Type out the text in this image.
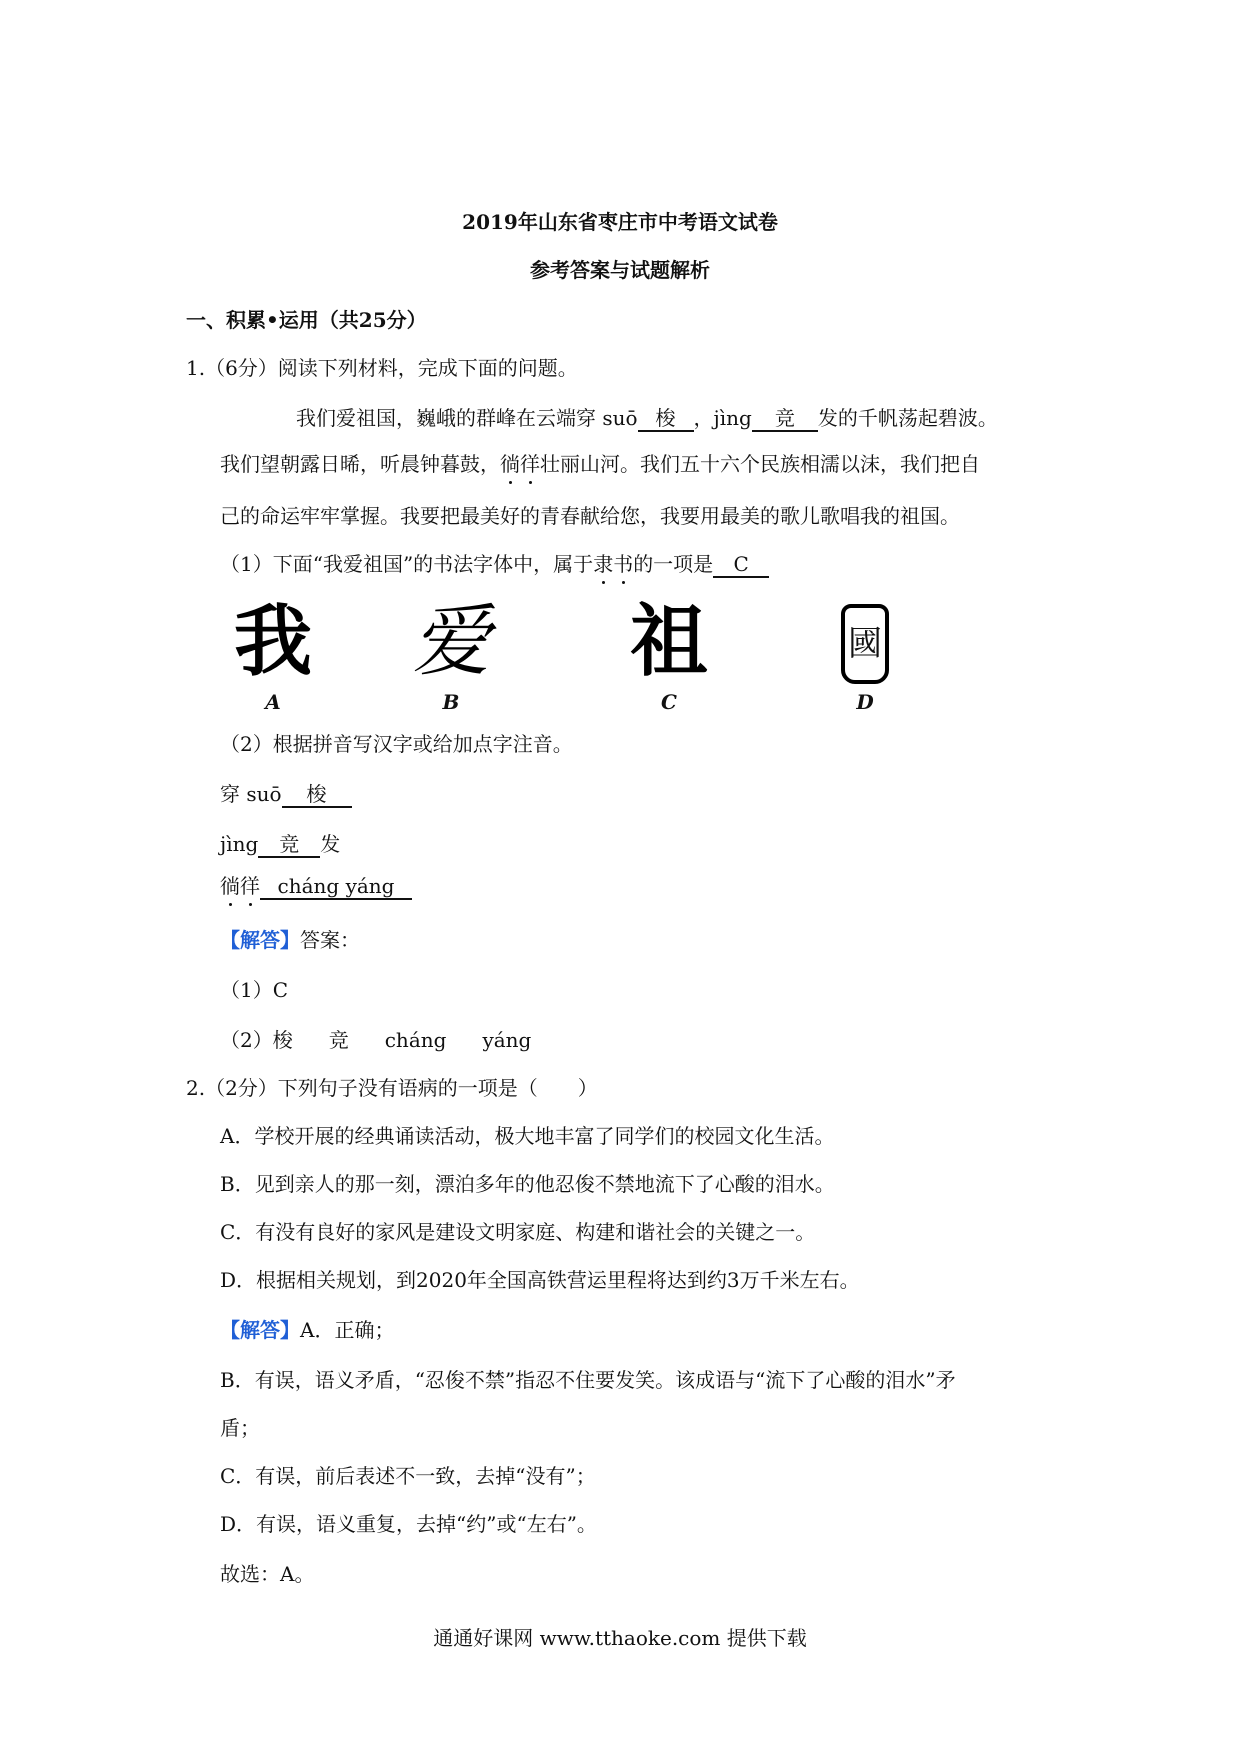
2019年山东省枣庄市中考语文试卷
参考答案与试题解析
一、积累•运用（共25分）
1.（6分）阅读下列材料，完成下面的问题。
我们爱祖国，巍峨的群峰在云端穿 suō 梭 ，jìng 竞 发的千帆荡起碧波。
我们望朝露日晞，听晨钟暮鼓，徜徉壮丽山河。我们五十六个民族相濡以沫，我们把自
己的命运牢牢掌握。我要把最美好的青春献给您，我要用最美的歌儿歌唱我的祖国。
（1）下面“我爱祖国”的书法字体中，属于隶书的一项是 C
我
A
爱
B
祖
C
國
D
（2）根据拼音写汉字或给加点字注音。
穿 suō 梭
jìng 竞 发
徜徉 cháng yáng
【解答】答案：
（1）C
（2）梭 竞 cháng yáng
2.（2分）下列句子没有语病的一项是（　　）
A．学校开展的经典诵读活动，极大地丰富了同学们的校园文化生活。
B．见到亲人的那一刻，漂泊多年的他忍俊不禁地流下了心酸的泪水。
C．有没有良好的家风是建设文明家庭、构建和谐社会的关键之一。
D．根据相关规划，到2020年全国高铁营运里程将达到约3万千米左右。
【解答】A．正确；
B．有误，语义矛盾，“忍俊不禁”指忍不住要发笑。该成语与“流下了心酸的泪水”矛
盾；
C．有误，前后表述不一致，去掉“没有”；
D．有误，语义重复，去掉“约”或“左右”。
故选：A。
通通好课网 www.tthaoke.com 提供下载
